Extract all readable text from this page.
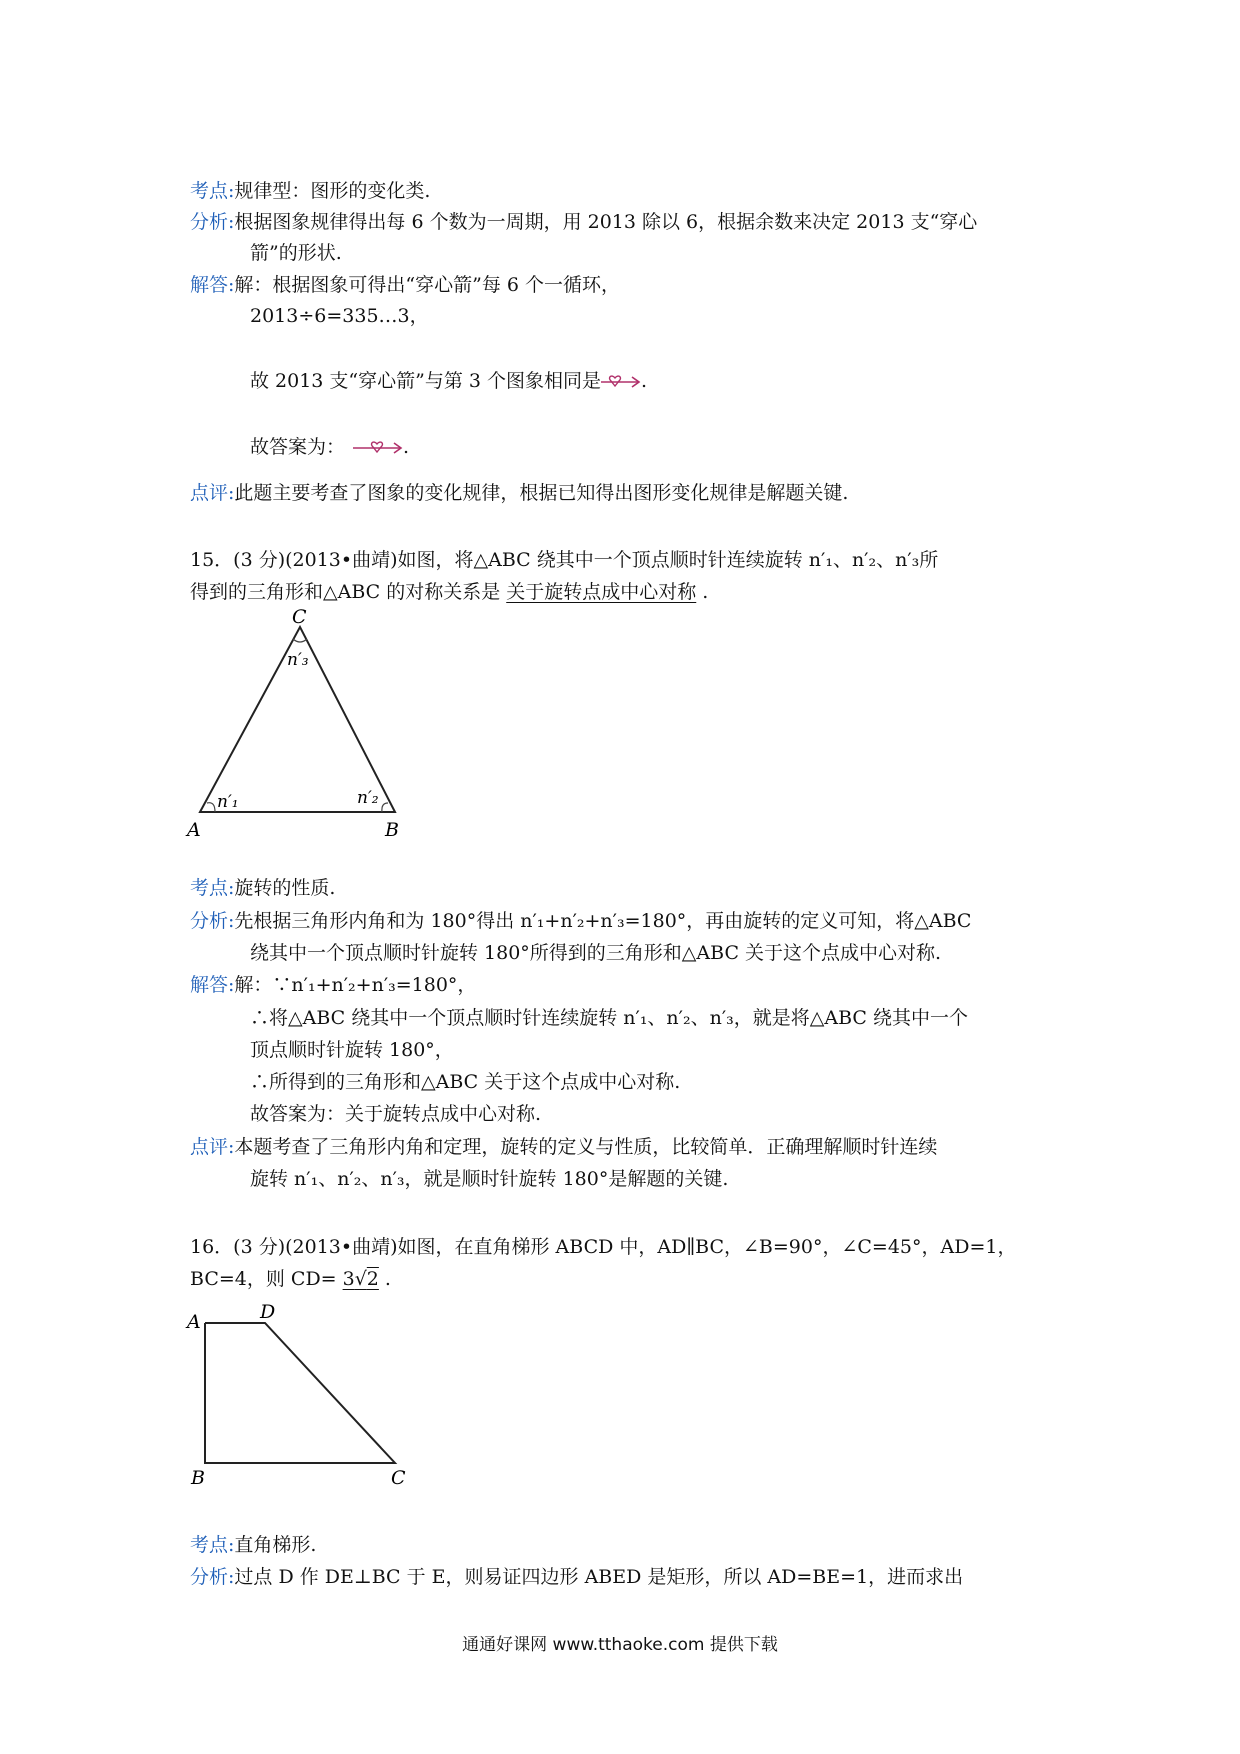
考点:规律型：图形的变化类.
分析:根据图象规律得出每 6 个数为一周期，用 2013 除以 6，根据余数来决定 2013 支“穿心
箭”的形状.
解答:解：根据图象可得出“穿心箭”每 6 个一循环，
2013÷6=335…3，
故 2013 支“穿心箭”与第 3 个图象相同是 .
故答案为：	.
点评:此题主要考查了图象的变化规律，根据已知得出图形变化规律是解题关键.
15．(3 分)(2013•曲靖)如图，将△ABC 绕其中一个顶点顺时针连续旋转 n′₁、n′₂、n′₃所
得到的三角形和△ABC 的对称关系是 关于旋转点成中心对称 .
A	B
C
n′₁	n′₂
n′₃
考点:旋转的性质.
分析:先根据三角形内角和为 180°得出 n′₁+n′₂+n′₃=180°，再由旋转的定义可知，将△ABC
绕其中一个顶点顺时针旋转 180°所得到的三角形和△ABC 关于这个点成中心对称.
解答:解：∵n′₁+n′₂+n′₃=180°，
∴将△ABC 绕其中一个顶点顺时针连续旋转 n′₁、n′₂、n′₃，就是将△ABC 绕其中一个
顶点顺时针旋转 180°，
∴所得到的三角形和△ABC 关于这个点成中心对称.
故答案为：关于旋转点成中心对称.
点评:本题考查了三角形内角和定理，旋转的定义与性质，比较简单．正确理解顺时针连续
旋转 n′₁、n′₂、n′₃，就是顺时针旋转 180°是解题的关键.
16．(3 分)(2013•曲靖)如图，在直角梯形 ABCD 中，AD∥BC，∠B=90°，∠C=45°，AD=1，
BC=4，则 CD= 3√2 .
A	D
B	C
考点:直角梯形.
分析:过点 D 作 DE⊥BC 于 E，则易证四边形 ABED 是矩形，所以 AD=BE=1，进而求出
通通好课网 www.tthaoke.com 提供下载
